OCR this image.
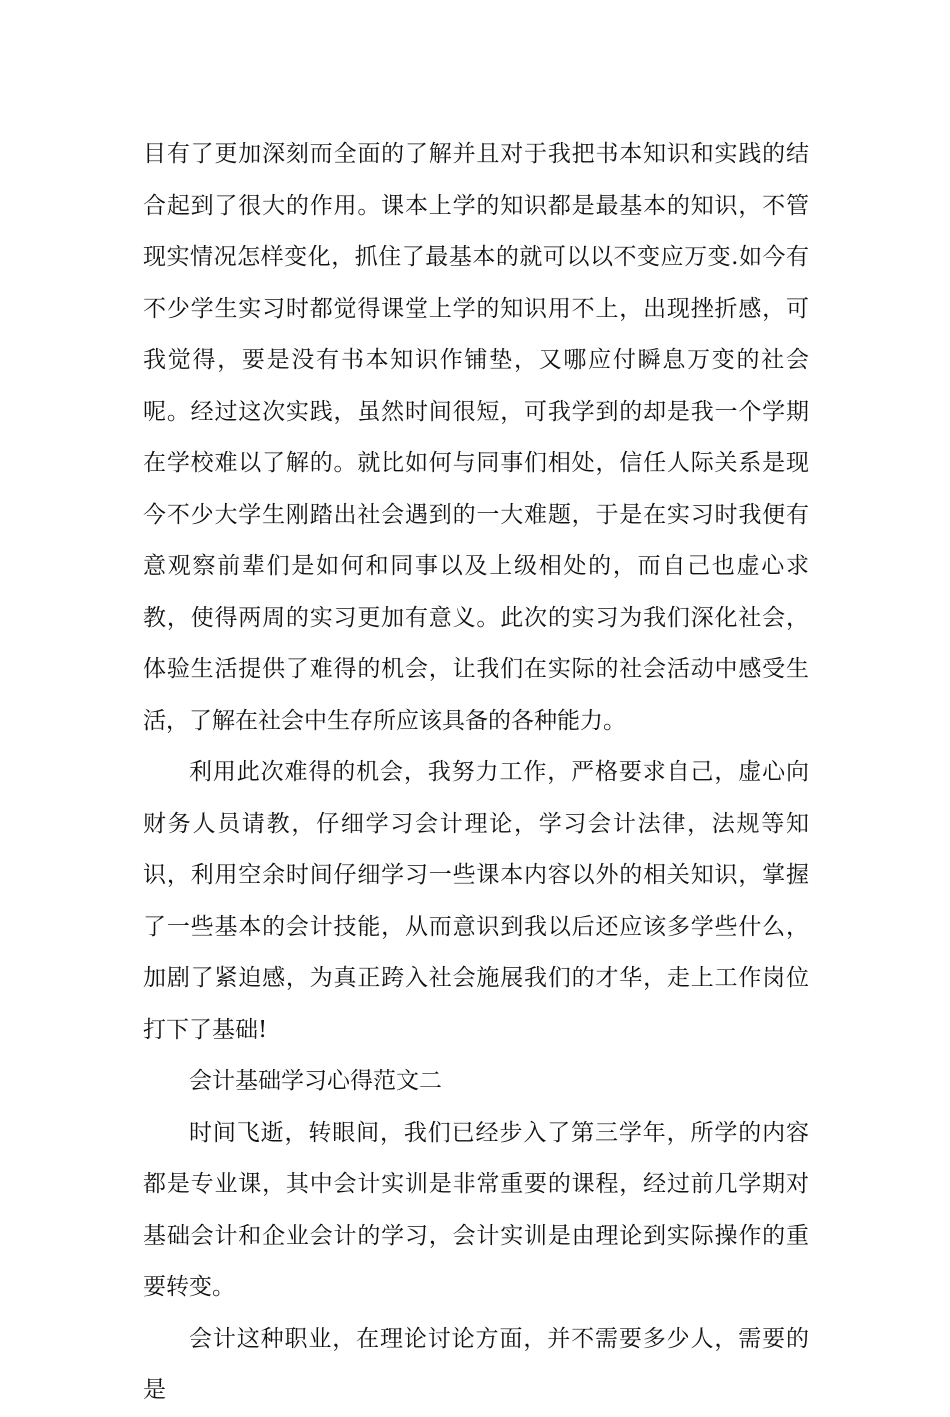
目有了更加深刻而全面的了解并且对于我把书本知识和实践的结合起到了很大的作用。课本上学的知识都是最基本的知识，不管现实情况怎样变化，抓住了最基本的就可以以不变应万变.如今有不少学生实习时都觉得课堂上学的知识用不上，出现挫折感，可我觉得，要是没有书本知识作铺垫，又哪应付瞬息万变的社会呢。经过这次实践，虽然时间很短，可我学到的却是我一个学期在学校难以了解的。就比如何与同事们相处，信任人际关系是现今不少大学生刚踏出社会遇到的一大难题，于是在实习时我便有意观察前辈们是如何和同事以及上级相处的，而自己也虚心求教，使得两周的实习更加有意义。此次的实习为我们深化社会，体验生活提供了难得的机会，让我们在实际的社会活动中感受生活，了解在社会中生存所应该具备的各种能力。

利用此次难得的机会，我努力工作，严格要求自己，虚心向财务人员请教，仔细学习会计理论，学习会计法律，法规等知识，利用空余时间仔细学习一些课本内容以外的相关知识，掌握了一些基本的会计技能，从而意识到我以后还应该多学些什么，加剧了紧迫感，为真正跨入社会施展我们的才华，走上工作岗位打下了基础!

会计基础学习心得范文二

时间飞逝，转眼间，我们已经步入了第三学年，所学的内容都是专业课，其中会计实训是非常重要的课程，经过前几学期对基础会计和企业会计的学习，会计实训是由理论到实际操作的重要转变。

会计这种职业，在理论讨论方面，并不需要多少人，需要的是
